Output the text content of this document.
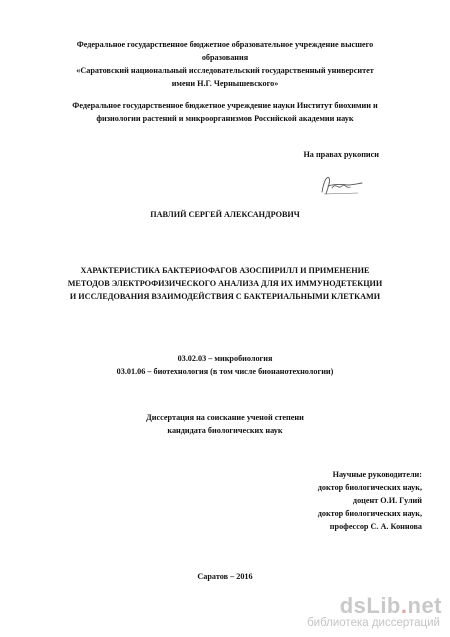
Федеральное государственное бюджетное образовательное учреждение высшего

образования

«Саратовский национальный исследовательский государственный университет

имени Н.Г. Чернышевского»

Федеральное государственное бюджетное учреждение науки Институт биохимии и

физиологии растений и микроорганизмов Российской академии наук

На правах рукописи

ПАВЛИЙ СЕРГЕЙ АЛЕКСАНДРОВИЧ

ХАРАКТЕРИСТИКА БАКТЕРИОФАГОВ АЗОСПИРИЛЛ И ПРИМЕНЕНИЕ

МЕТОДОВ ЭЛЕКТРОФИЗИЧЕСКОГО АНАЛИЗА ДЛЯ ИХ ИММУНОДЕТЕКЦИИ

И ИССЛЕДОВАНИЯ ВЗАИМОДЕЙСТВИЯ С БАКТЕРИАЛЬНЫМИ КЛЕТКАМИ

03.02.03 – микробиология

03.01.06 – биотехнология (в том числе бионанотехнологии)

Диссертация на соискание ученой степени

кандидата биологических наук

Научные руководители:

доктор биологических наук,

доцент О.И. Гулий

доктор биологических наук,

профессор С. А. Коннова

Саратов – 2016

dsLib.net
библиотека диссертаций
